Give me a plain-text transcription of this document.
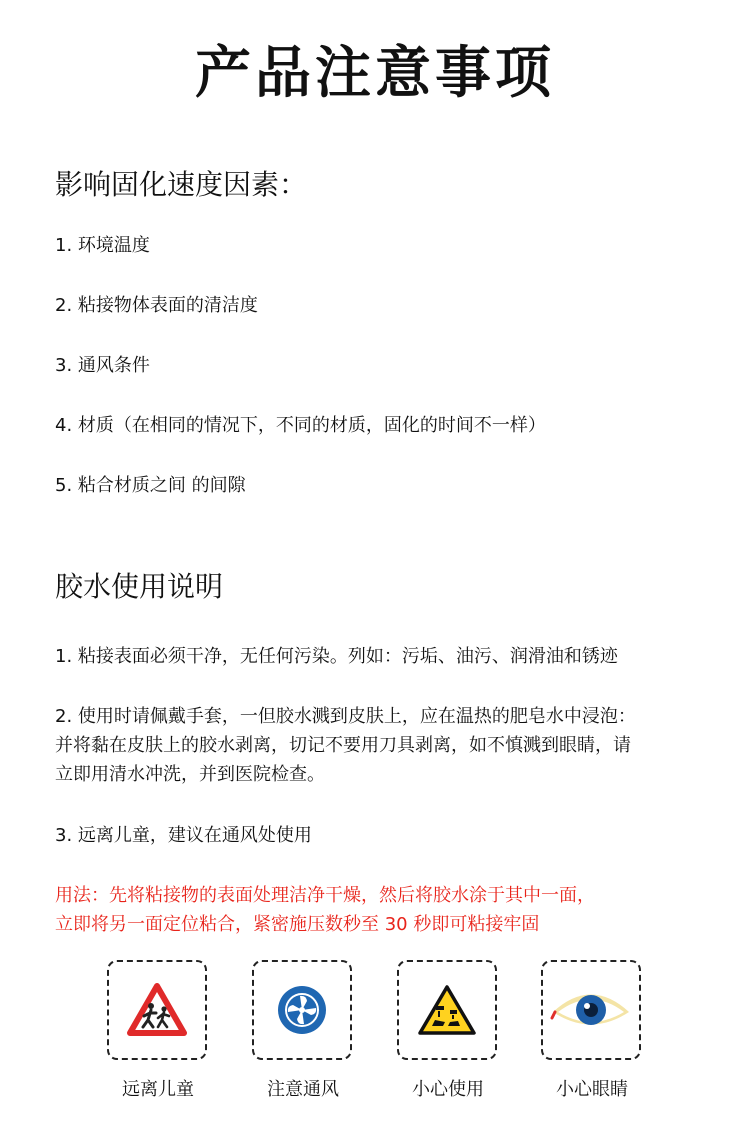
产品注意事项
影响固化速度因素：
1. 环境温度
2. 粘接物体表面的清洁度
3. 通风条件
4. 材质（在相同的情况下，不同的材质，固化的时间不一样）
5. 粘合材质之间 的间隙
胶水使用说明
1. 粘接表面必须干净，无任何污染。列如：污垢、油污、润滑油和锈迹
2. 使用时请佩戴手套，一但胶水溅到皮肤上，应在温热的肥皂水中浸泡：
并将黏在皮肤上的胶水剥离，切记不要用刀具剥离，如不慎溅到眼睛，请
立即用清水冲洗，并到医院检查。
3. 远离儿童，建议在通风处使用
用法：先将粘接物的表面处理洁净干燥，然后将胶水涂于其中一面，
立即将另一面定位粘合，紧密施压数秒至 30 秒即可粘接牢固
远离儿童	注意通风	小心使用	小心眼睛
